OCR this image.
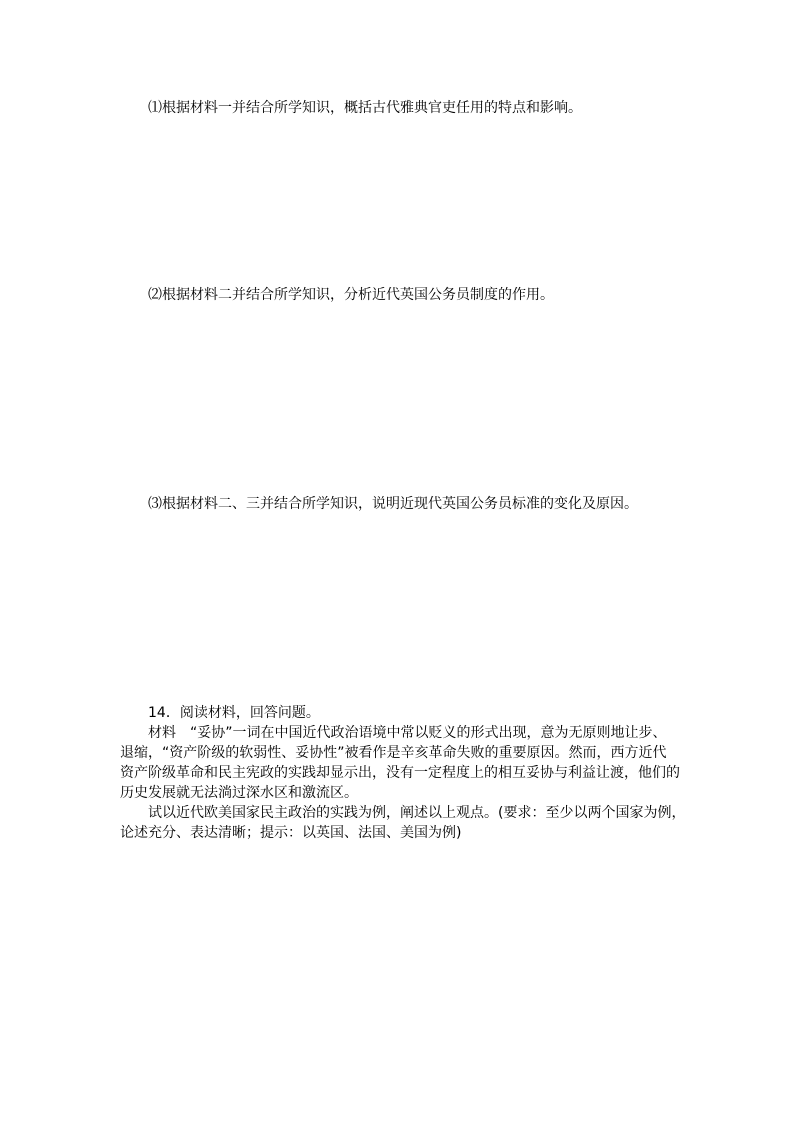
⑴根据材料一并结合所学知识，概括古代雅典官吏任用的特点和影响。
⑵根据材料二并结合所学知识，分析近代英国公务员制度的作用。
⑶根据材料二、三并结合所学知识，说明近现代英国公务员标准的变化及原因。

14．阅读材料，回答问题。

材料 “妥协”一词在中国近代政治语境中常以贬义的形式出现，意为无原则地让步、

退缩，“资产阶级的软弱性、妥协性”被看作是辛亥革命失败的重要原因。然而，西方近代

资产阶级革命和民主宪政的实践却显示出，没有一定程度上的相互妥协与利益让渡，他们的

历史发展就无法淌过深水区和激流区。

试以近代欧美国家民主政治的实践为例，阐述以上观点。(要求：至少以两个国家为例，

论述充分、表达清晰；提示：以英国、法国、美国为例)
